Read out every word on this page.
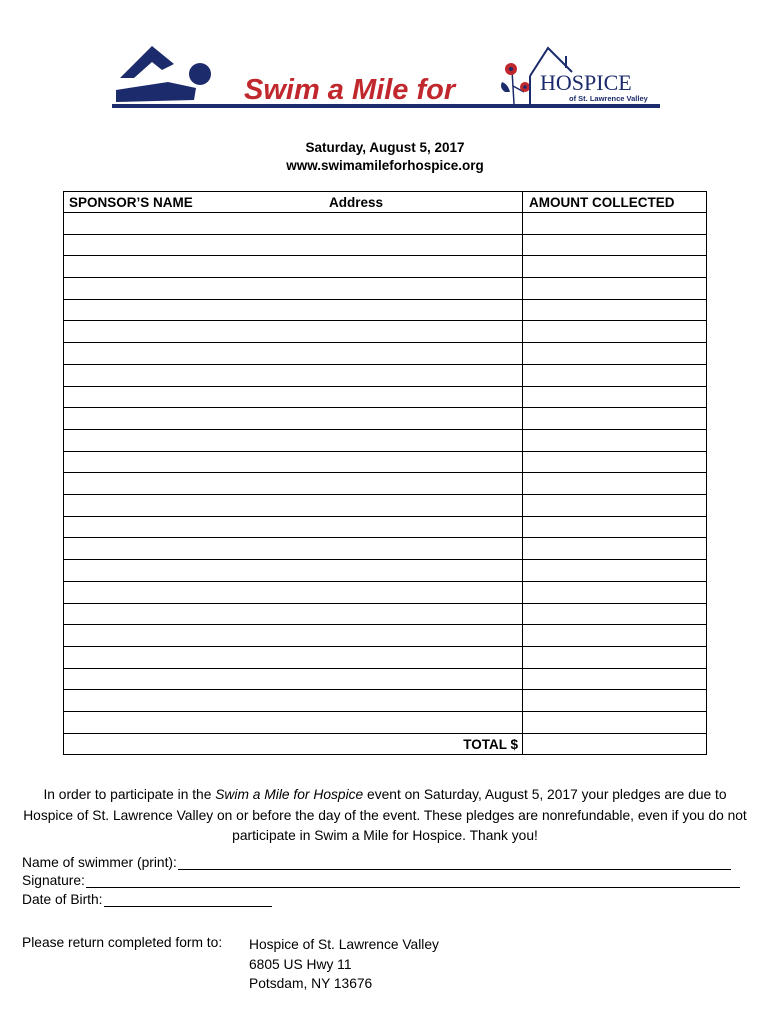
Swim a Mile for	HOSPICE
of St. Lawrence Valley
Saturday, August 5, 2017
www.swimamileforhospice.org
SPONSOR’S NAME	Address	AMOUNT COLLECTED
TOTAL $
In order to participate in the Swim a Mile for Hospice event on Saturday, August 5, 2017 your pledges are due to Hospice of St. Lawrence Valley on or before the day of the event. These pledges are nonrefundable, even if you do not participate in Swim a Mile for Hospice. Thank you!
Name of swimmer (print):
Signature:
Date of Birth:
Please return completed form to: Hospice of St. Lawrence Valley
6805 US Hwy 11
Potsdam, NY 13676
